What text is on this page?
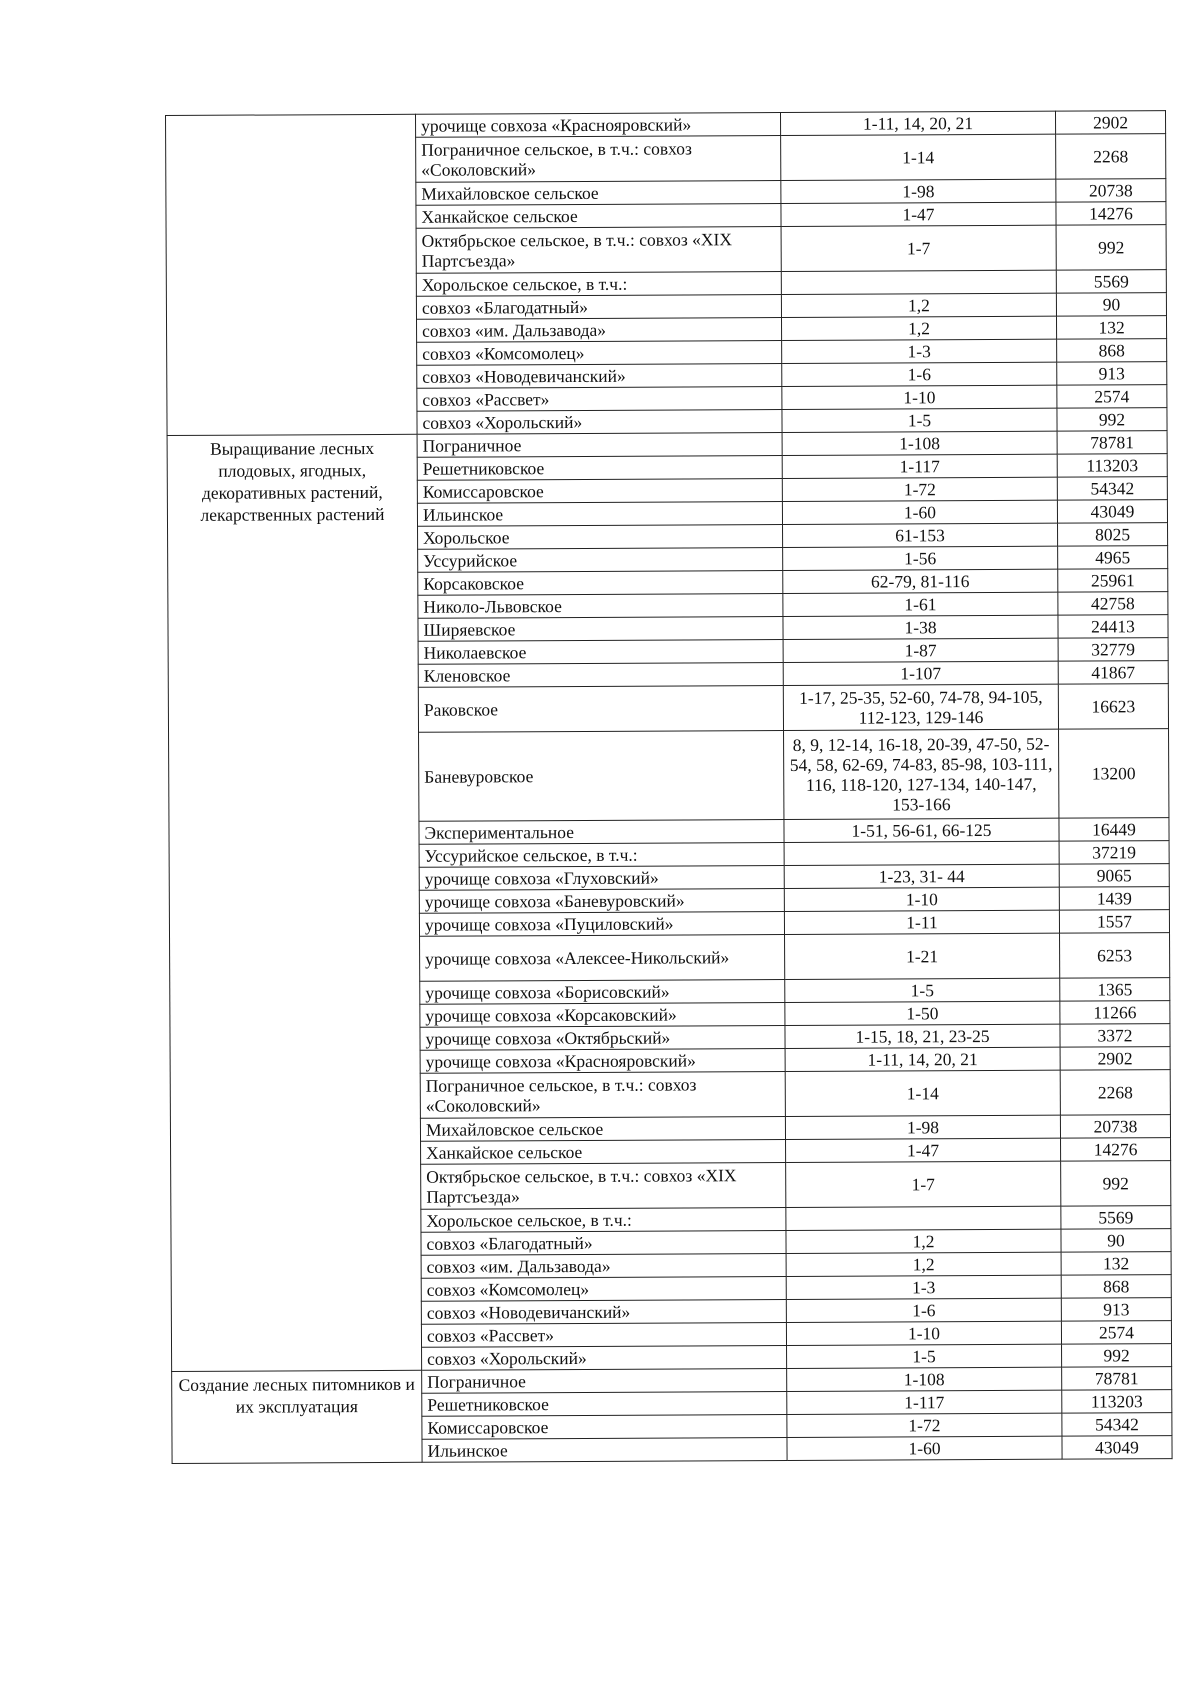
	урочище совхоза «Краснояровский»	1-11, 14, 20, 21	2902
	Пограничное сельское, в т.ч.: совхоз «Соколовский»	1-14	2268
	Михайловское сельское	1-98	20738
	Ханкайское сельское	1-47	14276
	Октябрьское сельское, в т.ч.: совхоз «XIX Партсъезда»	1-7	992
	Хорольское сельское, в т.ч.:		5569
	совхоз «Благодатный»	1,2	90
	совхоз «им. Дальзавода»	1,2	132
	совхоз «Комсомолец»	1-3	868
	совхоз «Новодевичанский»	1-6	913
	совхоз «Рассвет»	1-10	2574
	совхоз «Хорольский»	1-5	992
Выращивание лесных плодовых, ягодных, декоративных растений, лекарственных растений	Пограничное	1-108	78781
	Решетниковское	1-117	113203
	Комиссаровское	1-72	54342
	Ильинское	1-60	43049
	Хорольское	61-153	8025
	Уссурийское	1-56	4965
	Корсаковское	62-79, 81-116	25961
	Николо-Львовское	1-61	42758
	Ширяевское	1-38	24413
	Николаевское	1-87	32779
	Кленовское	1-107	41867
	Раковское	1-17, 25-35, 52-60, 74-78, 94-105, 112-123, 129-146	16623
	Баневуровское	8, 9, 12-14, 16-18, 20-39, 47-50, 52-54, 58, 62-69, 74-83, 85-98, 103-111, 116, 118-120, 127-134, 140-147, 153-166	13200
	Экспериментальное	1-51, 56-61, 66-125	16449
	Уссурийское сельское, в т.ч.:		37219
	урочище совхоза «Глуховский»	1-23, 31- 44	9065
	урочище совхоза «Баневуровский»	1-10	1439
	урочище совхоза «Пуциловский»	1-11	1557
	урочище совхоза «Алексее-Никольский»	1-21	6253
	урочище совхоза «Борисовский»	1-5	1365
	урочище совхоза «Корсаковский»	1-50	11266
	урочище совхоза «Октябрьский»	1-15, 18, 21, 23-25	3372
	урочище совхоза «Краснояровский»	1-11, 14, 20, 21	2902
	Пограничное сельское, в т.ч.: совхоз «Соколовский»	1-14	2268
	Михайловское сельское	1-98	20738
	Ханкайское сельское	1-47	14276
	Октябрьское сельское, в т.ч.: совхоз «XIX Партсъезда»	1-7	992
	Хорольское сельское, в т.ч.:		5569
	совхоз «Благодатный»	1,2	90
	совхоз «им. Дальзавода»	1,2	132
	совхоз «Комсомолец»	1-3	868
	совхоз «Новодевичанский»	1-6	913
	совхоз «Рассвет»	1-10	2574
	совхоз «Хорольский»	1-5	992
Создание лесных питомников и их эксплуатация	Пограничное	1-108	78781
	Решетниковское	1-117	113203
	Комиссаровское	1-72	54342
	Ильинское	1-60	43049
